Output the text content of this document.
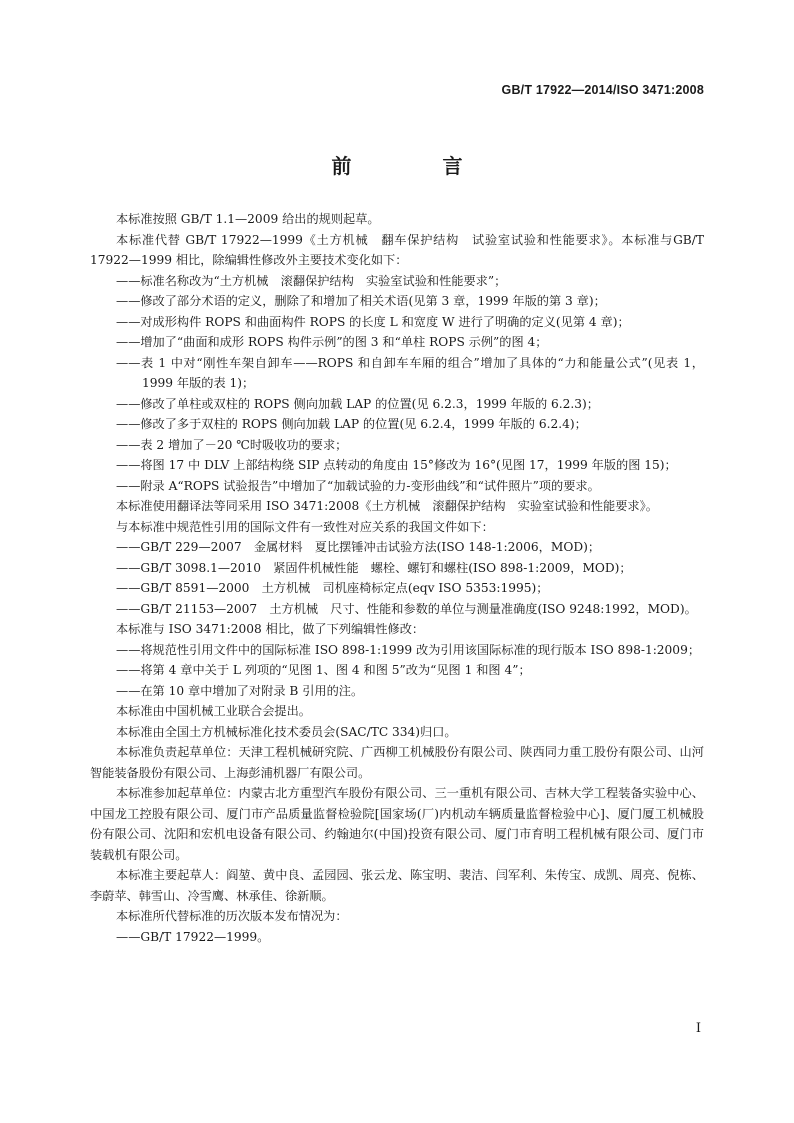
GB/T 17922—2014/ISO 3471:2008
前 言

本标准按照 GB/T 1.1—2009 给出的规则起草。

本标准代替 GB/T 17922—1999《土方机械　翻车保护结构　试验室试验和性能要求》。本标准与GB/T 17922—1999 相比，除编辑性修改外主要技术变化如下：

——标准名称改为“土方机械　滚翻保护结构　实验室试验和性能要求”；

——修改了部分术语的定义，删除了和增加了相关术语(见第 3 章，1999 年版的第 3 章)；

——对成形构件 ROPS 和曲面构件 ROPS 的长度 L 和宽度 W 进行了明确的定义(见第 4 章)；

——增加了“曲面和成形 ROPS 构件示例”的图 3 和“单柱 ROPS 示例”的图 4；

——表 1 中对“刚性车架自卸车——ROPS 和自卸车车厢的组合”增加了具体的“力和能量公式”(见表 1，1999 年版的表 1)；

——修改了单柱或双柱的 ROPS 侧向加载 LAP 的位置(见 6.2.3，1999 年版的 6.2.3)；

——修改了多于双柱的 ROPS 侧向加载 LAP 的位置(见 6.2.4，1999 年版的 6.2.4)；

——表 2 增加了－20 ℃时吸收功的要求；

——将图 17 中 DLV 上部结构绕 SIP 点转动的角度由 15°修改为 16°(见图 17，1999 年版的图 15)；

——附录 A“ROPS 试验报告”中增加了“加载试验的力-变形曲线”和“试件照片”项的要求。

本标准使用翻译法等同采用 ISO 3471:2008《土方机械　滚翻保护结构　实验室试验和性能要求》。

与本标准中规范性引用的国际文件有一致性对应关系的我国文件如下：

——GB/T 229—2007　金属材料　夏比摆锤冲击试验方法(ISO 148-1:2006，MOD)；

——GB/T 3098.1—2010　紧固件机械性能　螺栓、螺钉和螺柱(ISO 898-1:2009，MOD)；

——GB/T 8591—2000　土方机械　司机座椅标定点(eqv ISO 5353:1995)；

——GB/T 21153—2007　土方机械　尺寸、性能和参数的单位与测量准确度(ISO 9248:1992，MOD)。

本标准与 ISO 3471:2008 相比，做了下列编辑性修改：

——将规范性引用文件中的国际标准 ISO 898-1:1999 改为引用该国际标准的现行版本 ISO 898-1:2009；

——将第 4 章中关于 L 列项的“见图 1、图 4 和图 5”改为“见图 1 和图 4”；

——在第 10 章中增加了对附录 B 引用的注。

本标准由中国机械工业联合会提出。

本标准由全国土方机械标准化技术委员会(SAC/TC 334)归口。

本标准负责起草单位：天津工程机械研究院、广西柳工机械股份有限公司、陕西同力重工股份有限公司、山河智能装备股份有限公司、上海彭浦机器厂有限公司。

本标准参加起草单位：内蒙古北方重型汽车股份有限公司、三一重机有限公司、吉林大学工程装备实验中心、中国龙工控股有限公司、厦门市产品质量监督检验院[国家场(厂)内机动车辆质量监督检验中心]、厦门厦工机械股份有限公司、沈阳和宏机电设备有限公司、约翰迪尔(中国)投资有限公司、厦门市育明工程机械有限公司、厦门市装载机有限公司。

本标准主要起草人：阎堃、黄中良、孟园园、张云龙、陈宝明、裴洁、闫军利、朱传宝、成凯、周亮、倪栋、李蔚苹、韩雪山、冷雪鹰、林承佳、徐新顺。

本标准所代替标准的历次版本发布情况为：

——GB/T 17922—1999。

I
